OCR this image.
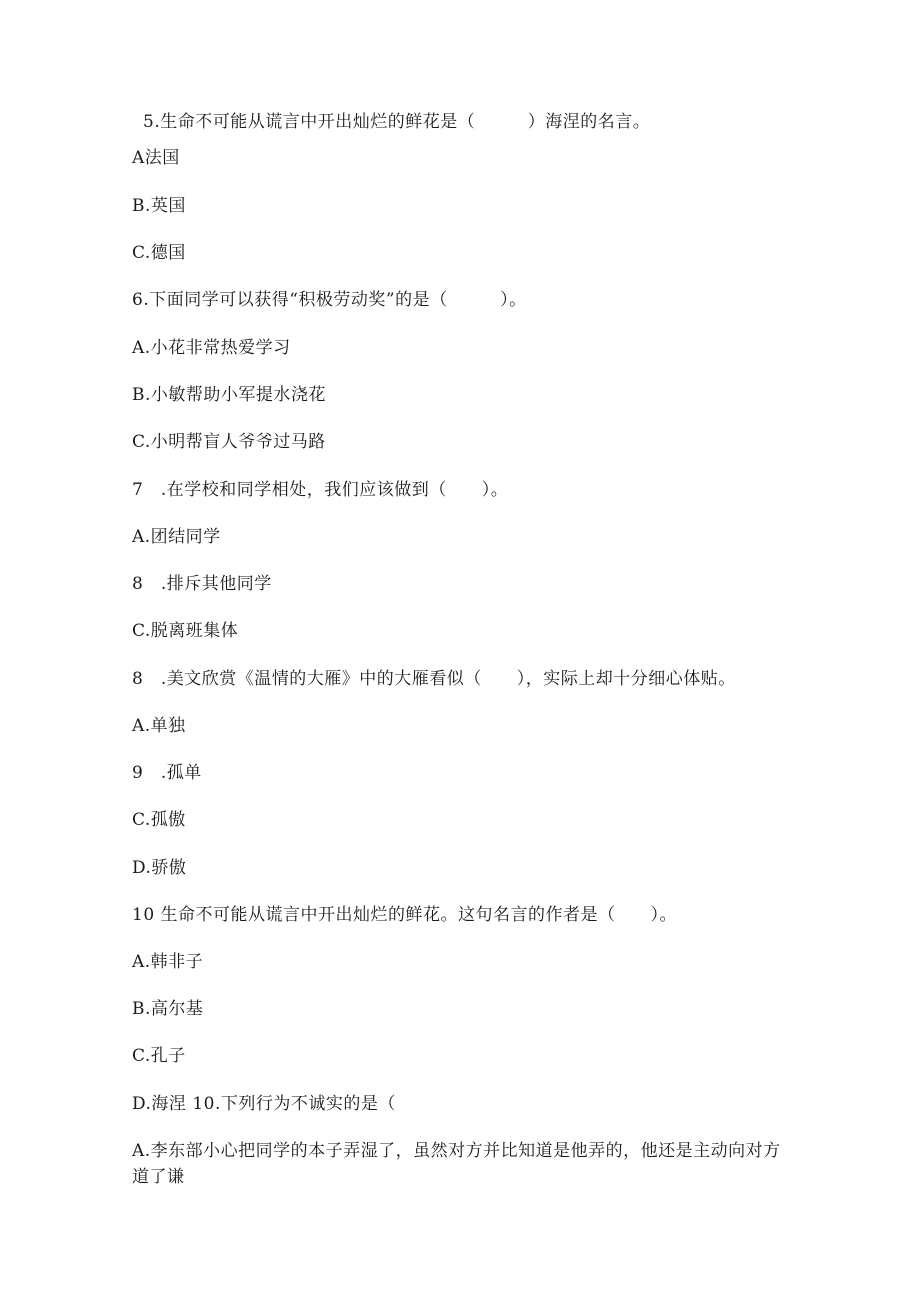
5.生命不可能从谎言中开出灿烂的鲜花是（　　　）海涅的名言。
A法国
B.英国
C.德国
6.下面同学可以获得“积极劳动奖”的是（　　　）。
A.小花非常热爱学习
B.小敏帮助小军提水浇花
C.小明帮盲人爷爷过马路
7　.在学校和同学相处，我们应该做到（　　）。
A.团结同学
8　.排斥其他同学
C.脱离班集体
8　.美文欣赏《温情的大雁》中的大雁看似（　　），实际上却十分细心体贴。
A.单独
9　.孤单
C.孤傲
D.骄傲
10 生命不可能从谎言中开出灿烂的鲜花。这句名言的作者是（　　）。
A.韩非子
B.高尔基
C.孔子
D.海涅 10.下列行为不诚实的是（
A.李东部小心把同学的本子弄湿了，虽然对方并比知道是他弄的，他还是主动向对方道了谦
